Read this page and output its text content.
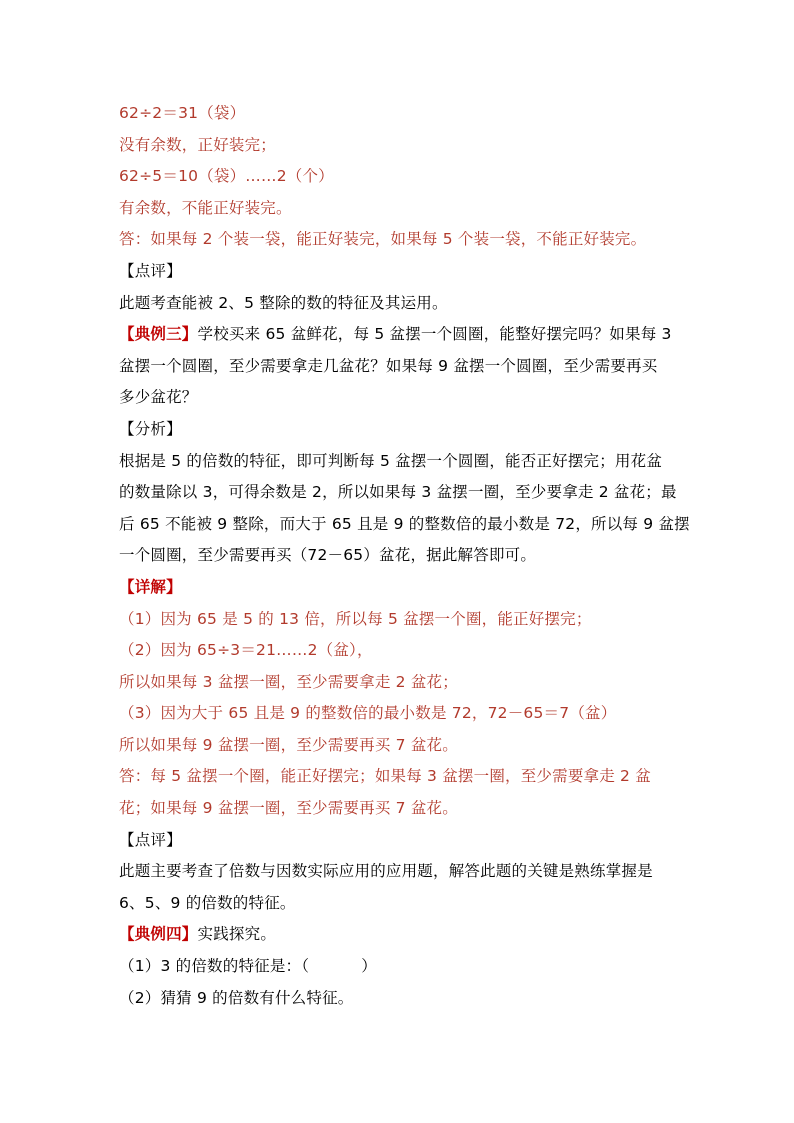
62÷2＝31（袋）
没有余数，正好装完；
62÷5＝10（袋）……2（个）
有余数，不能正好装完。
答：如果每 2 个装一袋，能正好装完，如果每 5 个装一袋，不能正好装完。
【点评】
此题考查能被 2、5 整除的数的特征及其运用。
【典例三】学校买来 65 盆鲜花，每 5 盆摆一个圆圈，能整好摆完吗？如果每 3
盆摆一个圆圈，至少需要拿走几盆花？如果每 9 盆摆一个圆圈，至少需要再买
多少盆花？
【分析】
根据是 5 的倍数的特征，即可判断每 5 盆摆一个圆圈，能否正好摆完；用花盆
的数量除以 3，可得余数是 2，所以如果每 3 盆摆一圈，至少要拿走 2 盆花；最
后 65 不能被 9 整除，而大于 65 且是 9 的整数倍的最小数是 72，所以每 9 盆摆
一个圆圈，至少需要再买（72－65）盆花，据此解答即可。
【详解】
（1）因为 65 是 5 的 13 倍，所以每 5 盆摆一个圈，能正好摆完；
（2）因为 65÷3＝21……2（盆），
所以如果每 3 盆摆一圈，至少需要拿走 2 盆花；
（3）因为大于 65 且是 9 的整数倍的最小数是 72，72－65＝7（盆）
所以如果每 9 盆摆一圈，至少需要再买 7 盆花。
答：每 5 盆摆一个圈，能正好摆完；如果每 3 盆摆一圈，至少需要拿走 2 盆
花；如果每 9 盆摆一圈，至少需要再买 7 盆花。
【点评】
此题主要考查了倍数与因数实际应用的应用题，解答此题的关键是熟练掌握是
6、5、9 的倍数的特征。
【典例四】实践探究。
（1）3 的倍数的特征是：（	）
（2）猜猜 9 的倍数有什么特征。
